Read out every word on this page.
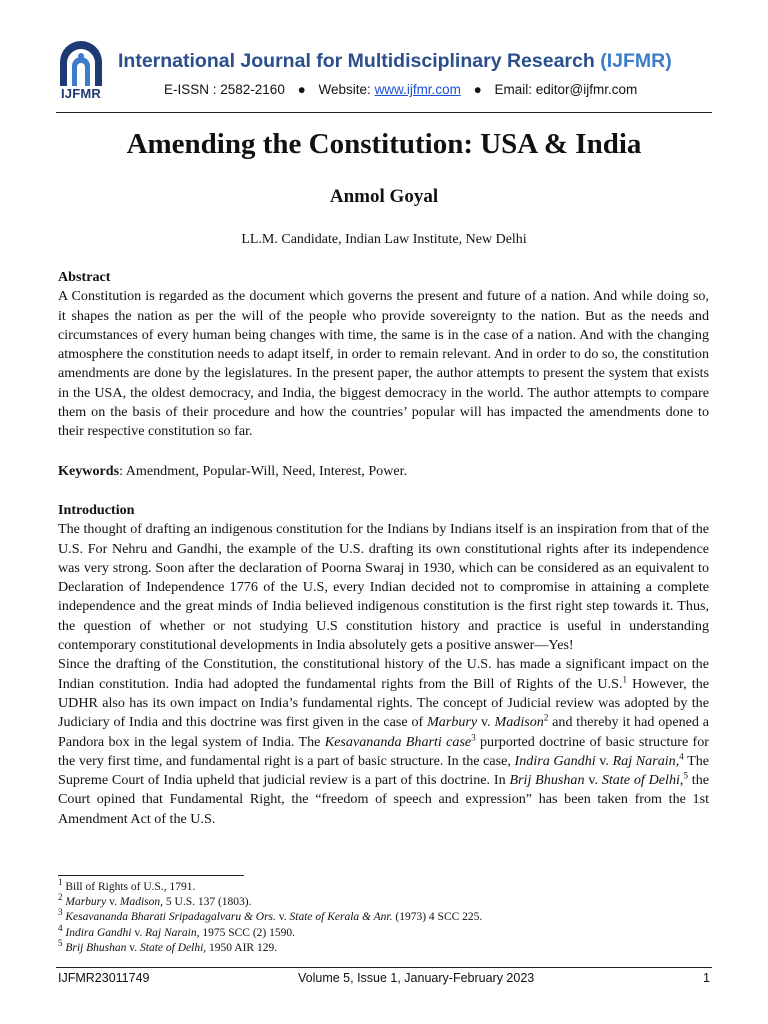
IJFMR
International Journal for Multidisciplinary Research (IJFMR)
E-ISSN : 2582-2160 ● Website: www.ijfmr.com ● Email: editor@ijfmr.com
Amending the Constitution: USA & India
Anmol Goyal
LL.M. Candidate, Indian Law Institute, New Delhi

Abstract

A Constitution is regarded as the document which governs the present and future of a nation. And while doing so, it shapes the nation as per the will of the people who provide sovereignty to the nation. But as the needs and circumstances of every human being changes with time, the same is in the case of a nation. And with the changing atmosphere the constitution needs to adapt itself, in order to remain relevant. And in order to do so, the constitution amendments are done by the legislatures. In the present paper, the author attempts to present the system that exists in the USA, the oldest democracy, and India, the biggest democracy in the world. The author attempts to compare them on the basis of their procedure and how the countries’ popular will has impacted the amendments done to their respective constitution so far.

Keywords: Amendment, Popular-Will, Need, Interest, Power.

Introduction

The thought of drafting an indigenous constitution for the Indians by Indians itself is an inspiration from that of the U.S. For Nehru and Gandhi, the example of the U.S. drafting its own constitutional rights after its independence was very strong. Soon after the declaration of Poorna Swaraj in 1930, which can be considered as an equivalent to Declaration of Independence 1776 of the U.S, every Indian decided not to compromise in attaining a complete independence and the great minds of India believed indigenous constitution is the first right step towards it. Thus, the question of whether or not studying U.S constitution history and practice is useful in understanding contemporary constitutional developments in India absolutely gets a positive answer—Yes!

Since the drafting of the Constitution, the constitutional history of the U.S. has made a significant impact on the Indian constitution. India had adopted the fundamental rights from the Bill of Rights of the U.S.$^1$ However, the UDHR also has its own impact on India’s fundamental rights. The concept of Judicial review was adopted by the Judiciary of India and this doctrine was first given in the case of Marbury v. Madison$^2$ and thereby it had opened a Pandora box in the legal system of India. The Kesavananda Bharti case$^3$ purported doctrine of basic structure for the very first time, and fundamental right is a part of basic structure. In the case, Indira Gandhi v. Raj Narain,$^4$ The Supreme Court of India upheld that judicial review is a part of this doctrine. In Brij Bhushan v. State of Delhi,$^5$ the Court opined that Fundamental Right, the “freedom of speech and expression” has been taken from the 1st Amendment Act of the U.S.

$^1$ Bill of Rights of U.S., 1791.
$^2$ Marbury v. Madison, 5 U.S. 137 (1803).
$^3$ Kesavananda Bharati Sripadagalvaru & Ors. v. State of Kerala & Anr. (1973) 4 SCC 225.
$^4$ Indira Gandhi v. Raj Narain, 1975 SCC (2) 1590.
$^5$ Brij Bhushan v. State of Delhi, 1950 AIR 129.
IJFMR23011749	Volume 5, Issue 1, January-February 2023	1
